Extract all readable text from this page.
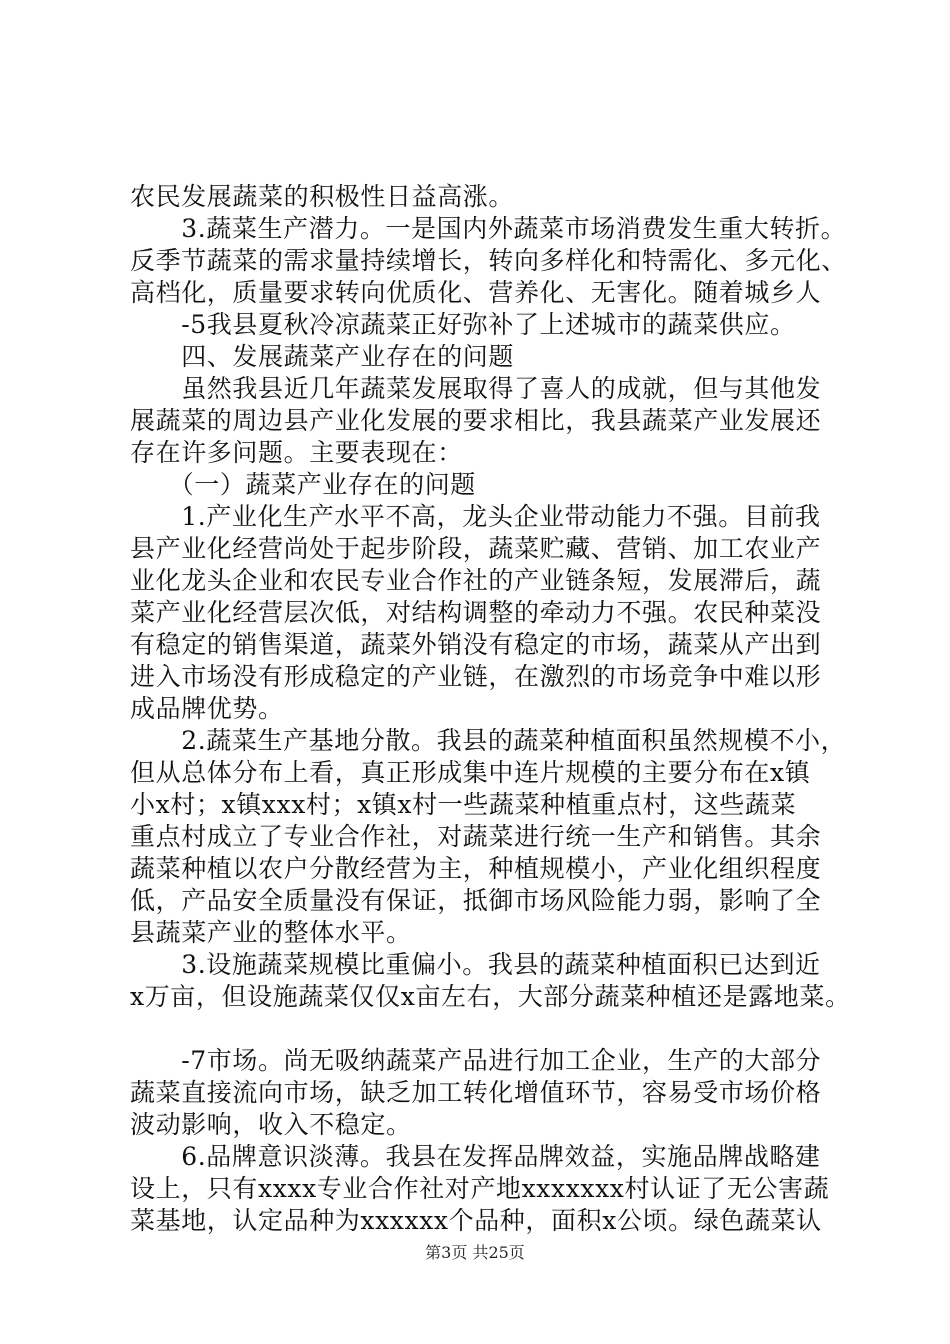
农民发展蔬菜的积极性日益高涨。
　　3.蔬菜生产潜力。一是国内外蔬菜市场消费发生重大转折。
反季节蔬菜的需求量持续增长，转向多样化和特需化、多元化、
高档化，质量要求转向优质化、营养化、无害化。随着城乡人
　　-5我县夏秋冷凉蔬菜正好弥补了上述城市的蔬菜供应。
　　四、发展蔬菜产业存在的问题
　　虽然我县近几年蔬菜发展取得了喜人的成就，但与其他发
展蔬菜的周边县产业化发展的要求相比，我县蔬菜产业发展还
存在许多问题。主要表现在：
　　（一）蔬菜产业存在的问题
　　1.产业化生产水平不高，龙头企业带动能力不强。目前我
县产业化经营尚处于起步阶段，蔬菜贮藏、营销、加工农业产
业化龙头企业和农民专业合作社的产业链条短，发展滞后，蔬
菜产业化经营层次低，对结构调整的牵动力不强。农民种菜没
有稳定的销售渠道，蔬菜外销没有稳定的市场，蔬菜从产出到
进入市场没有形成稳定的产业链，在激烈的市场竞争中难以形
成品牌优势。
　　2.蔬菜生产基地分散。我县的蔬菜种植面积虽然规模不小，
但从总体分布上看，真正形成集中连片规模的主要分布在x镇
小x村；x镇xxx村；x镇x村一些蔬菜种植重点村，这些蔬菜
重点村成立了专业合作社，对蔬菜进行统一生产和销售。其余
蔬菜种植以农户分散经营为主，种植规模小，产业化组织程度
低，产品安全质量没有保证，抵御市场风险能力弱，影响了全
县蔬菜产业的整体水平。
　　3.设施蔬菜规模比重偏小。我县的蔬菜种植面积已达到近
x万亩，但设施蔬菜仅仅x亩左右，大部分蔬菜种植还是露地菜。
　　-7市场。尚无吸纳蔬菜产品进行加工企业，生产的大部分
蔬菜直接流向市场，缺乏加工转化增值环节，容易受市场价格
波动影响，收入不稳定。
　　6.品牌意识淡薄。我县在发挥品牌效益，实施品牌战略建
设上，只有xxxx专业合作社对产地xxxxxxx村认证了无公害蔬
菜基地，认定品种为xxxxxx个品种，面积x公顷。绿色蔬菜认
第3页 共25页
